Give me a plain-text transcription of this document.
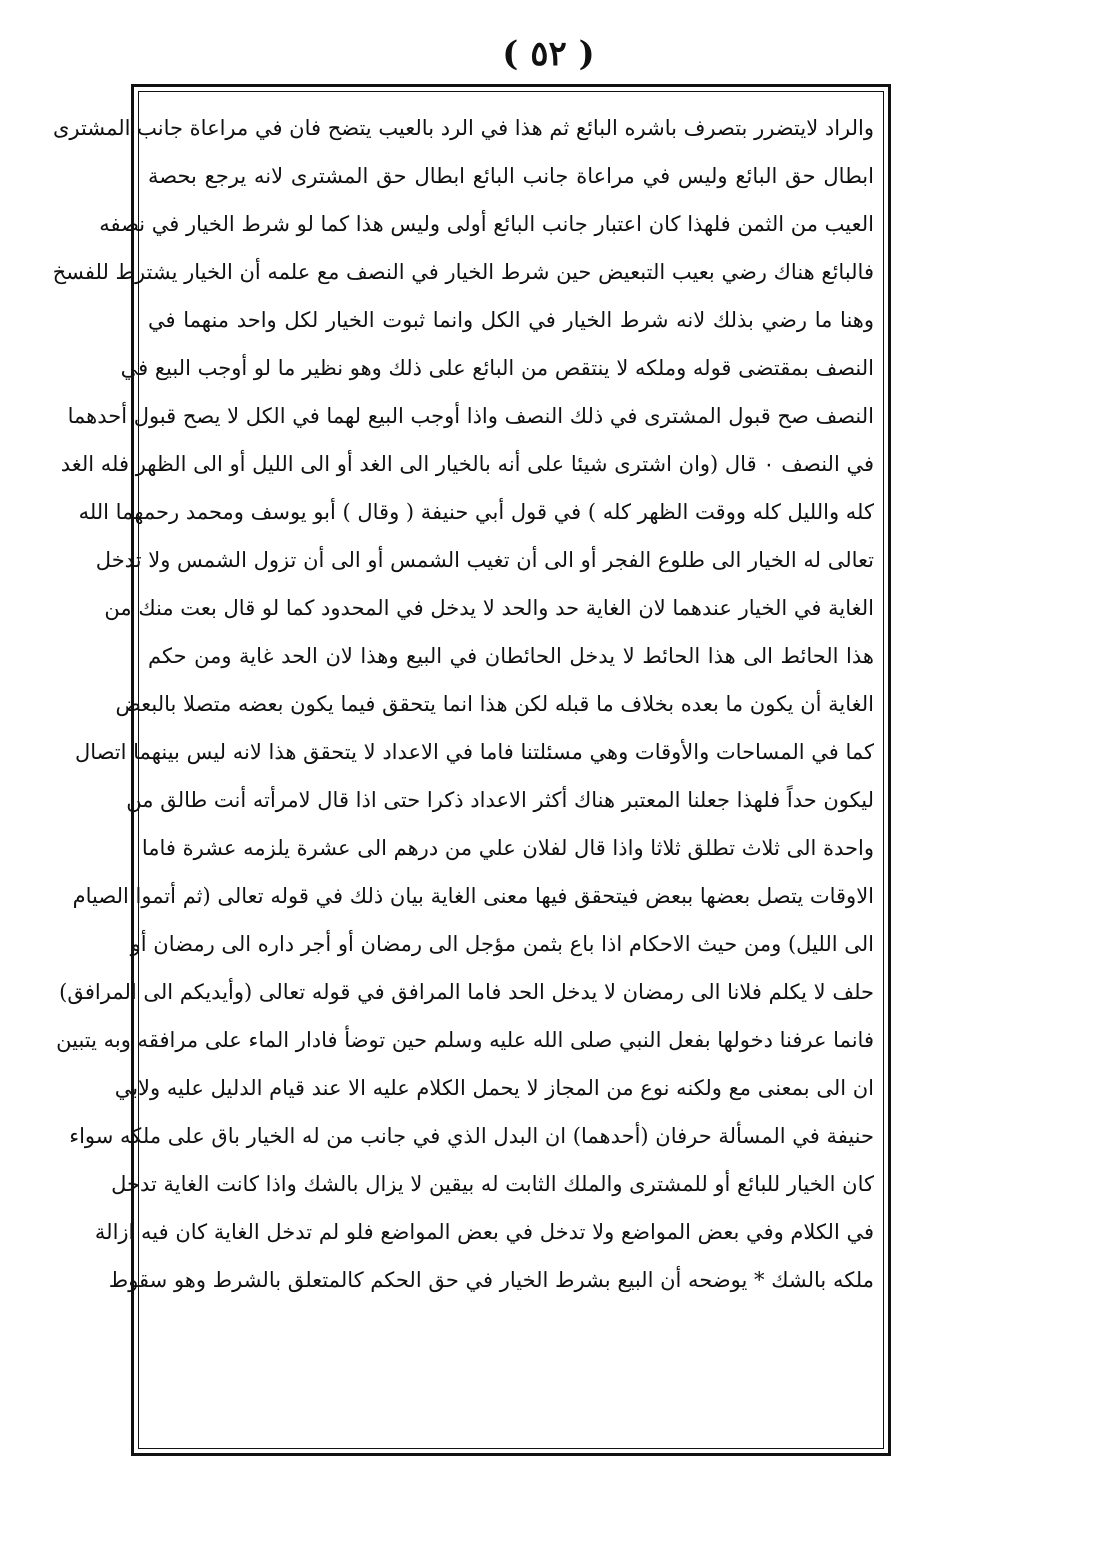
( ٥٢ )
والراد لايتضرر بتصرف باشره البائع ثم هذا في الرد بالعيب يتضح فان في مراعاة جانب المشترى
ابطال حق البائع وليس في مراعاة جانب البائع ابطال حق المشترى لانه يرجع بحصة
العيب من الثمن فلهذا كان اعتبار جانب البائع أولى وليس هذا كما لو شرط الخيار في نصفه
فالبائع هناك رضي بعيب التبعيض حين شرط الخيار في النصف مع علمه أن الخيار يشترط للفسخ
وهنا ما رضي بذلك لانه شرط الخيار في الكل وانما ثبوت الخيار لكل واحد منهما في
النصف بمقتضى قوله وملكه لا ينتقص من البائع على ذلك وهو نظير ما لو أوجب البيع في
النصف صح قبول المشترى في ذلك النصف واذا أوجب البيع لهما في الكل لا يصح قبول أحدهما
في النصف ٠ قال (وان اشترى شيئا على أنه بالخيار الى الغد أو الى الليل أو الى الظهر فله الغد
كله والليل كله ووقت الظهر كله ) في قول أبي حنيفة ( وقال ) أبو يوسف ومحمد رحمهما الله
تعالى له الخيار الى طلوع الفجر أو الى أن تغيب الشمس أو الى أن تزول الشمس ولا تدخل
الغاية في الخيار عندهما لان الغاية حد والحد لا يدخل في المحدود كما لو قال بعت منك من
هذا الحائط الى هذا الحائط لا يدخل الحائطان في البيع وهذا لان الحد غاية ومن حكم
الغاية أن يكون ما بعده بخلاف ما قبله لكن هذا انما يتحقق فيما يكون بعضه متصلا بالبعض
كما في المساحات والأوقات وهي مسئلتنا فاما في الاعداد لا يتحقق هذا لانه ليس بينهما اتصال
ليكون حداً فلهذا جعلنا المعتبر هناك أكثر الاعداد ذكرا حتى اذا قال لامرأته أنت طالق من
واحدة الى ثلاث تطلق ثلاثا واذا قال لفلان علي من درهم الى عشرة يلزمه عشرة فاما
الاوقات يتصل بعضها ببعض فيتحقق فيها معنى الغاية بيان ذلك في قوله تعالى (ثم أتموا الصيام
الى الليل) ومن حيث الاحكام اذا باع بثمن مؤجل الى رمضان أو أجر داره الى رمضان أو
حلف لا يكلم فلانا الى رمضان لا يدخل الحد فاما المرافق في قوله تعالى (وأيديكم الى المرافق)
فانما عرفنا دخولها بفعل النبي صلى الله عليه وسلم حين توضأ فادار الماء على مرافقه وبه يتبين
ان الى بمعنى مع ولكنه نوع من المجاز لا يحمل الكلام عليه الا عند قيام الدليل عليه ولابي
حنيفة في المسألة حرفان (أحدهما) ان البدل الذي في جانب من له الخيار باق على ملكه سواء
كان الخيار للبائع أو للمشترى والملك الثابت له بيقين لا يزال بالشك واذا كانت الغاية تدخل
في الكلام وفي بعض المواضع ولا تدخل في بعض المواضع فلو لم تدخل الغاية كان فيه ازالة
ملكه بالشك * يوضحه أن البيع بشرط الخيار في حق الحكم كالمتعلق بالشرط وهو سقوط
